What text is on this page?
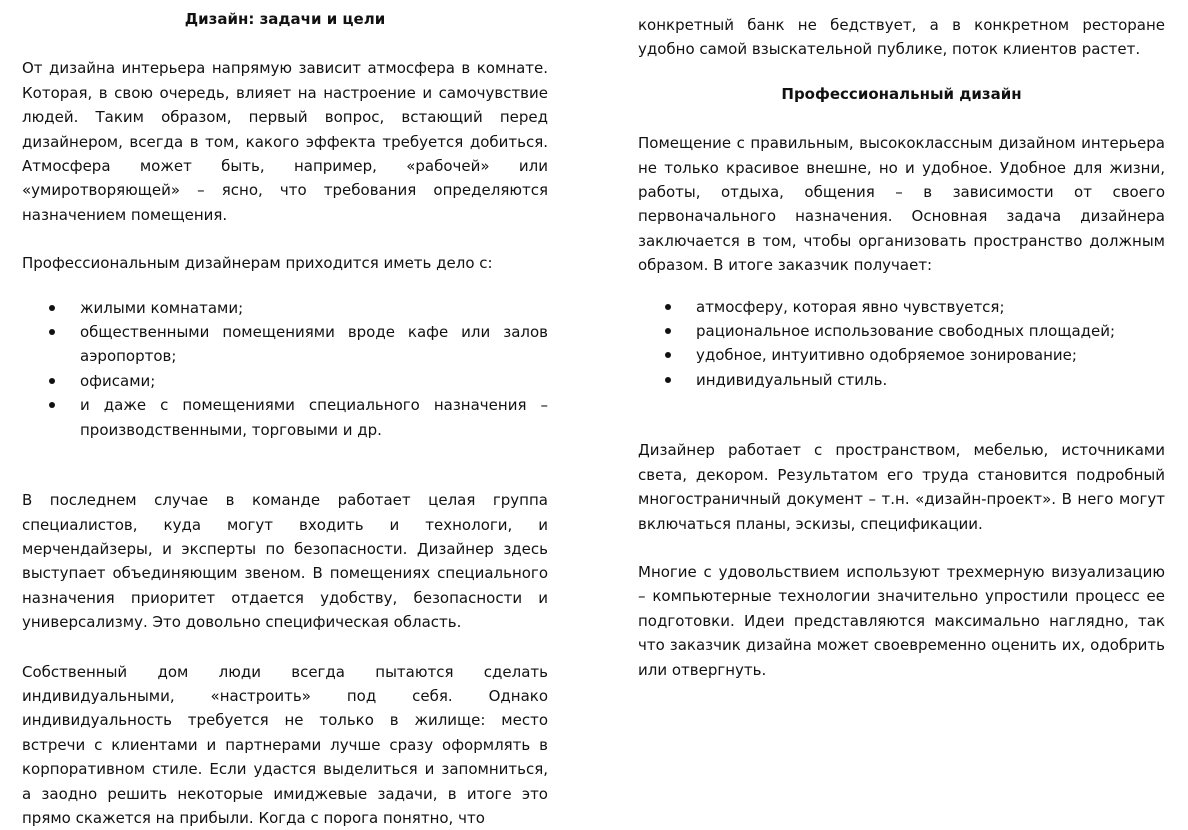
Дизайн: задачи и цели

От дизайна интерьера напрямую зависит атмосфера в комнате. Которая, в свою очередь, влияет на настроение и самочувствие людей. Таким образом, первый вопрос, встающий перед дизайнером, всегда в том, какого эффекта требуется добиться. Атмосфера может быть, например, «рабочей» или «умиротворяющей» – ясно, что требования определяются назначением помещения.

Профессиональным дизайнерам приходится иметь дело с:

жилыми комнатами;
общественными помещениями вроде кафе или залов аэропортов;
офисами;
и даже с помещениями специального назначения – производственными, торговыми и др.

В последнем случае в команде работает целая группа специалистов, куда могут входить и технологи, и мерчендайзеры, и эксперты по безопасности. Дизайнер здесь выступает объединяющим звеном. В помещениях специального назначения приоритет отдается удобству, безопасности и универсализму. Это довольно специфическая область.

Собственный дом люди всегда пытаются сделать индивидуальными, «настроить» под себя. Однако индивидуальность требуется не только в жилище: место встречи с клиентами и партнерами лучше сразу оформлять в корпоративном стиле. Если удастся выделиться и запомниться, а заодно решить некоторые имиджевые задачи, в итоге это прямо скажется на прибыли. Когда с порога понятно, что

конкретный банк не бедствует, а в конкретном ресторане удобно самой взыскательной публике, поток клиентов растет.

Профессиональный дизайн

Помещение с правильным, высококлассным дизайном интерьера не только красивое внешне, но и удобное. Удобное для жизни, работы, отдыха, общения – в зависимости от своего первоначального назначения. Основная задача дизайнера заключается в том, чтобы организовать пространство должным образом. В итоге заказчик получает:

атмосферу, которая явно чувствуется;
рациональное использование свободных площадей;
удобное, интуитивно одобряемое зонирование;
индивидуальный стиль.

Дизайнер работает с пространством, мебелью, источниками света, декором. Результатом его труда становится подробный многостраничный документ – т.н. «дизайн-проект». В него могут включаться планы, эскизы, спецификации.

Многие с удовольствием используют трехмерную визуализацию – компьютерные технологии значительно упростили процесс ее подготовки. Идеи представляются максимально наглядно, так что заказчик дизайна может своевременно оценить их, одобрить или отвергнуть.
